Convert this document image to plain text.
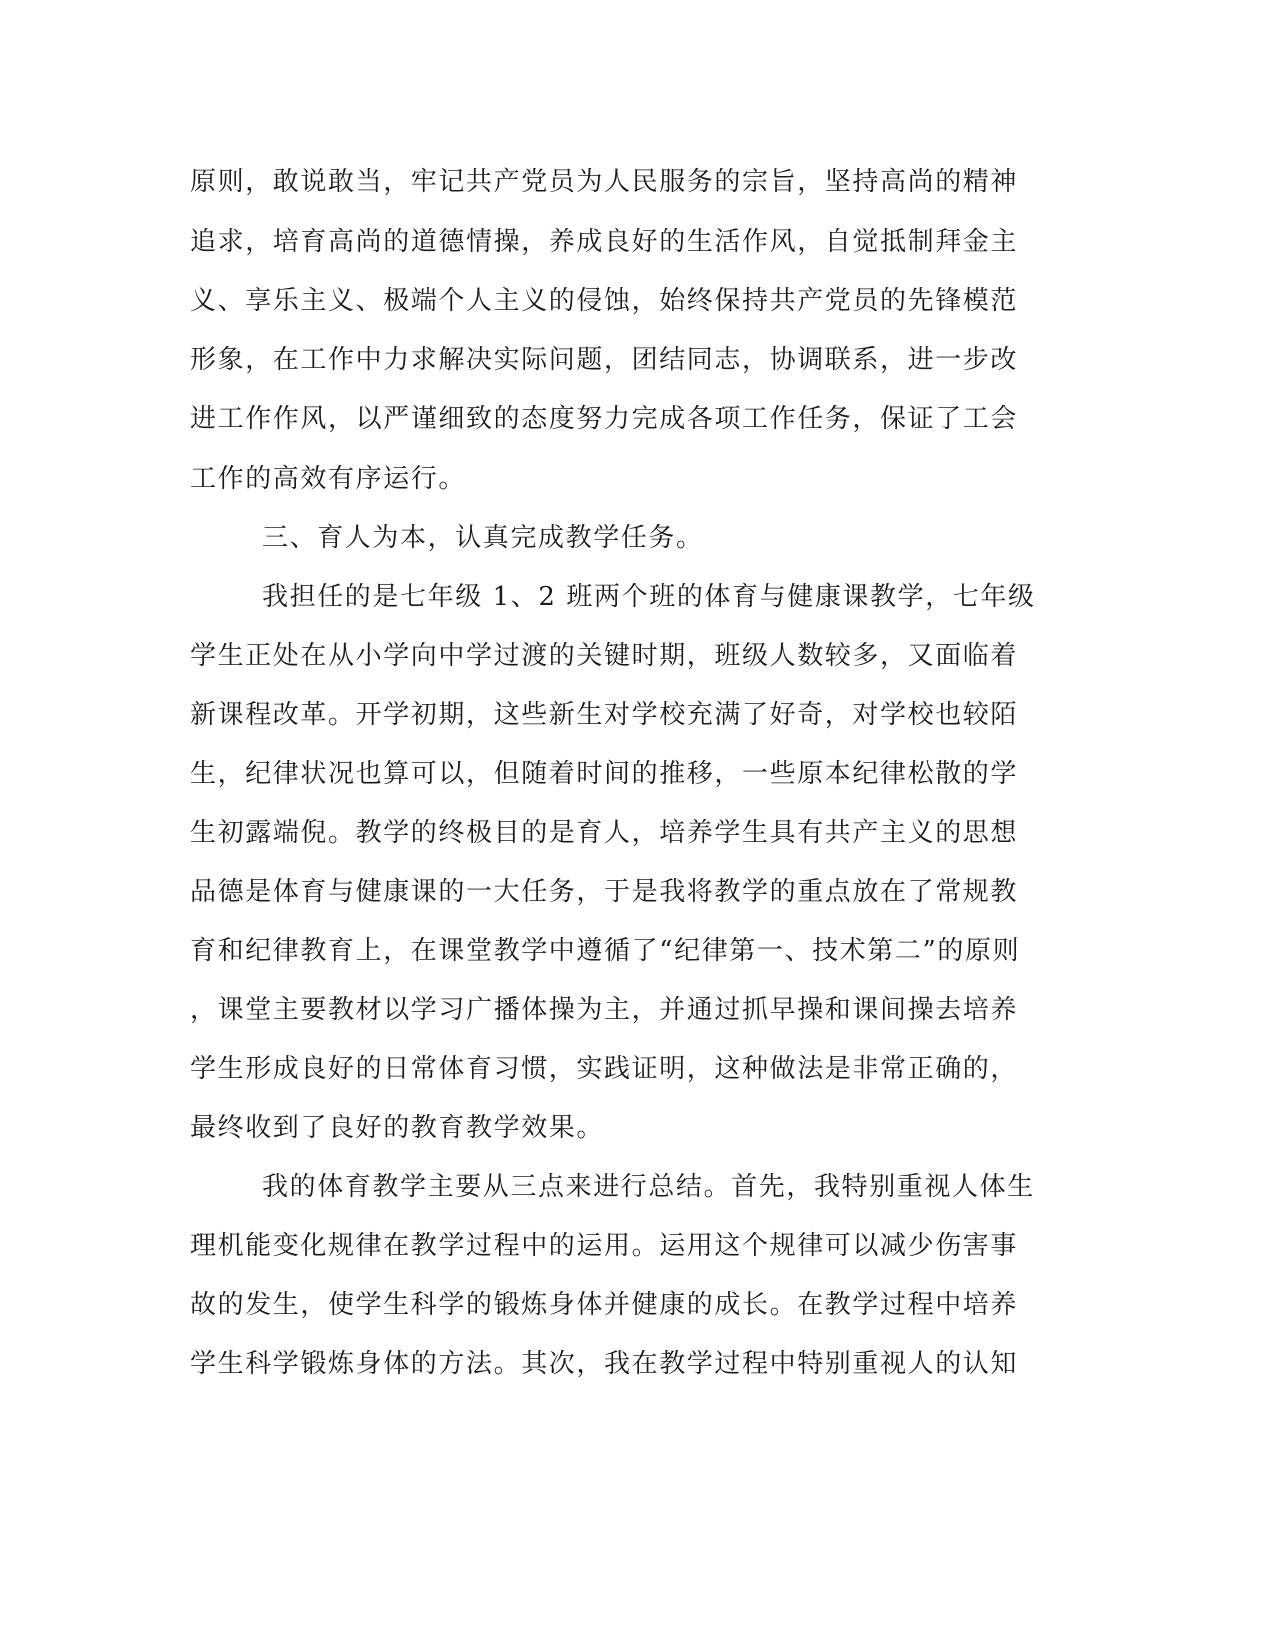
原则，敢说敢当，牢记共产党员为人民服务的宗旨，坚持高尚的精神
追求，培育高尚的道德情操，养成良好的生活作风，自觉抵制拜金主
义、享乐主义、极端个人主义的侵蚀，始终保持共产党员的先锋模范
形象，在工作中力求解决实际问题，团结同志，协调联系，进一步改
进工作作风，以严谨细致的态度努力完成各项工作任务，保证了工会
工作的高效有序运行。
三、育人为本，认真完成教学任务。
我担任的是七年级 1、2 班两个班的体育与健康课教学，七年级
学生正处在从小学向中学过渡的关键时期，班级人数较多，又面临着
新课程改革。开学初期，这些新生对学校充满了好奇，对学校也较陌
生，纪律状况也算可以，但随着时间的推移，一些原本纪律松散的学
生初露端倪。教学的终极目的是育人，培养学生具有共产主义的思想
品德是体育与健康课的一大任务，于是我将教学的重点放在了常规教
育和纪律教育上，在课堂教学中遵循了“纪律第一、技术第二”的原则
，课堂主要教材以学习广播体操为主，并通过抓早操和课间操去培养
学生形成良好的日常体育习惯，实践证明，这种做法是非常正确的，
最终收到了良好的教育教学效果。
我的体育教学主要从三点来进行总结。首先，我特别重视人体生
理机能变化规律在教学过程中的运用。运用这个规律可以减少伤害事
故的发生，使学生科学的锻炼身体并健康的成长。在教学过程中培养
学生科学锻炼身体的方法。其次，我在教学过程中特别重视人的认知
